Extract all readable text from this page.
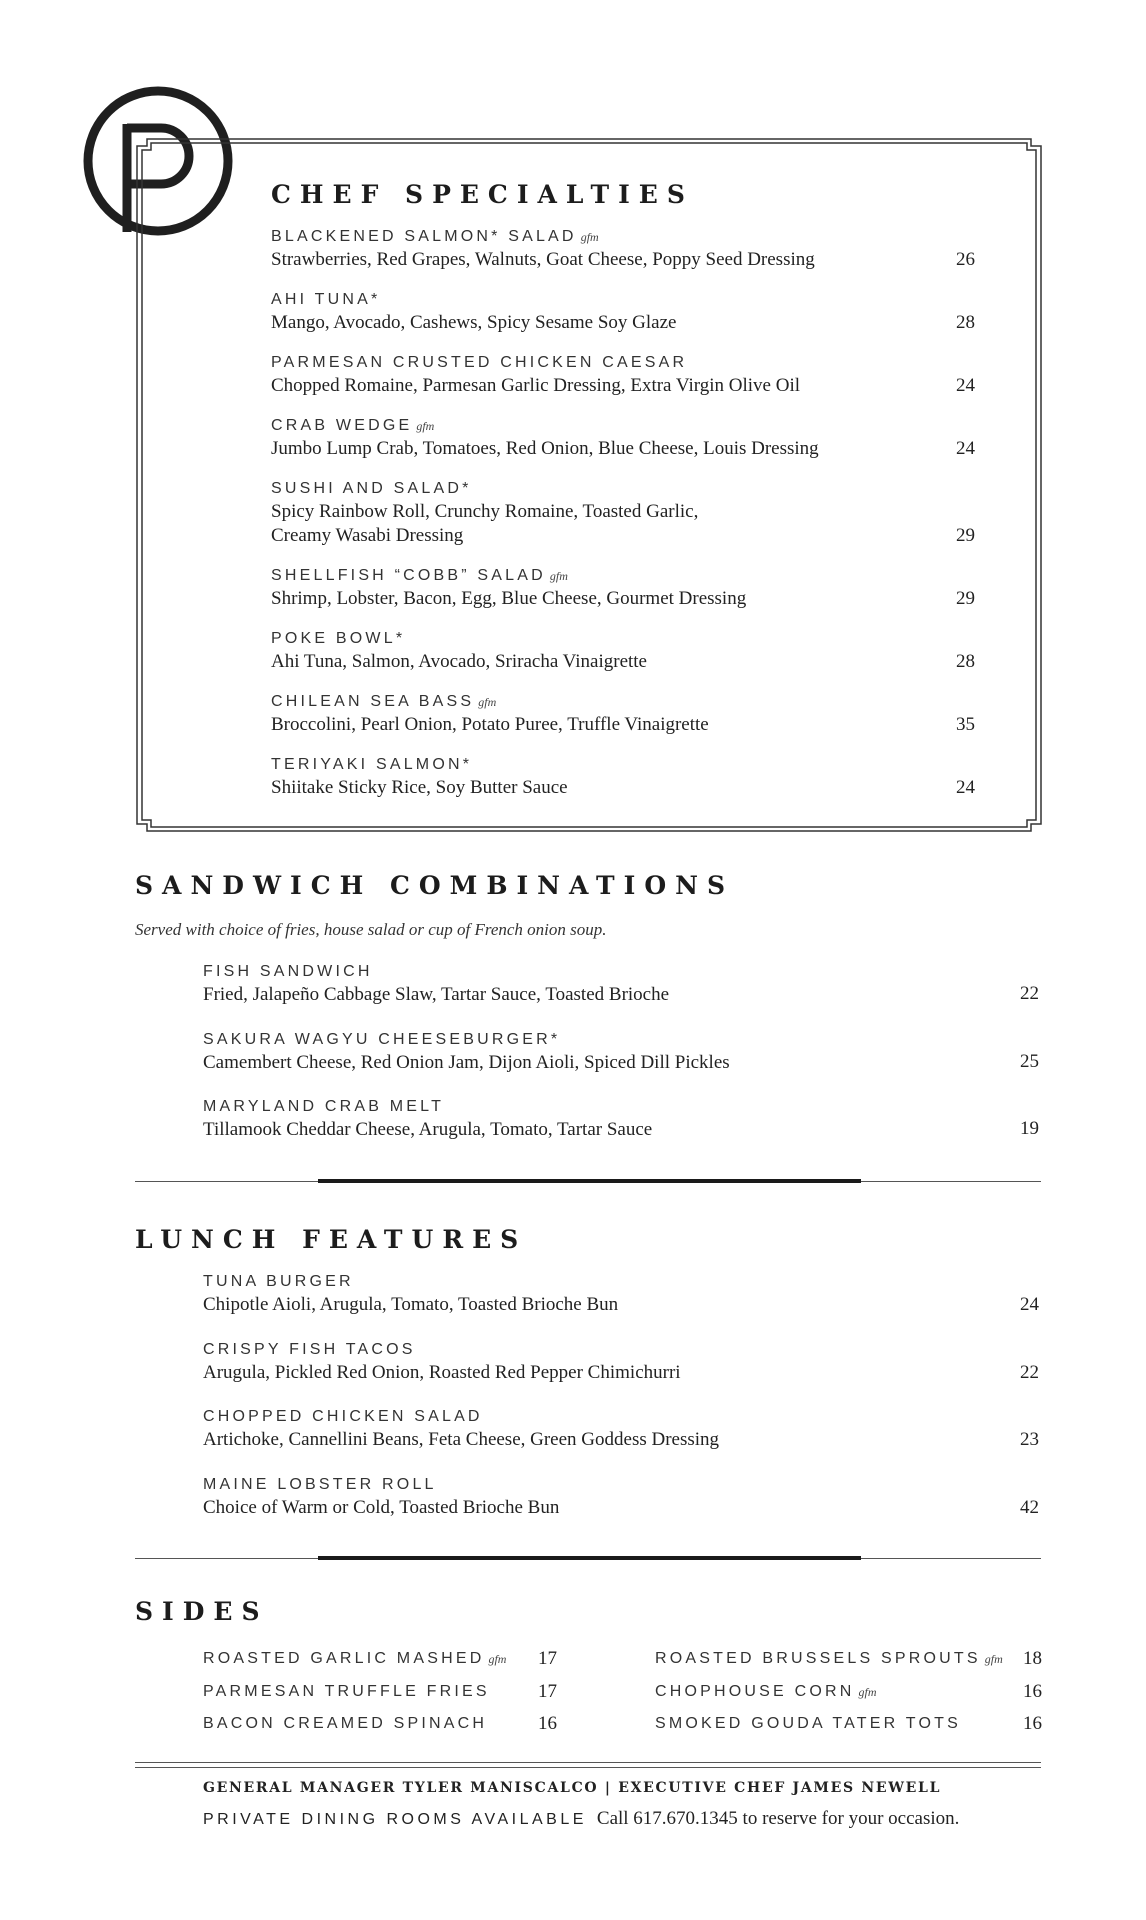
CHEF SPECIALTIES
BLACKENED SALMON* SALAD gfm
Strawberries, Red Grapes, Walnuts, Goat Cheese, Poppy Seed Dressing	26
AHI TUNA*
Mango, Avocado, Cashews, Spicy Sesame Soy Glaze	28
PARMESAN CRUSTED CHICKEN CAESAR
Chopped Romaine, Parmesan Garlic Dressing, Extra Virgin Olive Oil	24
CRAB WEDGE gfm
Jumbo Lump Crab, Tomatoes, Red Onion, Blue Cheese, Louis Dressing	24
SUSHI AND SALAD*
Spicy Rainbow Roll, Crunchy Romaine, Toasted Garlic,
Creamy Wasabi Dressing	29
SHELLFISH “COBB” SALAD gfm
Shrimp, Lobster, Bacon, Egg, Blue Cheese, Gourmet Dressing	29
POKE BOWL*
Ahi Tuna, Salmon, Avocado, Sriracha Vinaigrette	28
CHILEAN SEA BASS gfm
Broccolini, Pearl Onion, Potato Puree, Truffle Vinaigrette	35
TERIYAKI SALMON*
Shiitake Sticky Rice, Soy Butter Sauce	24
SANDWICH COMBINATIONS

Served with choice of fries, house salad or cup of French onion soup.

FISH SANDWICH
Fried, Jalapeño Cabbage Slaw, Tartar Sauce, Toasted Brioche	22
SAKURA WAGYU CHEESEBURGER*
Camembert Cheese, Red Onion Jam, Dijon Aioli, Spiced Dill Pickles	25
MARYLAND CRAB MELT
Tillamook Cheddar Cheese, Arugula, Tomato, Tartar Sauce	19
LUNCH FEATURES
TUNA BURGER
Chipotle Aioli, Arugula, Tomato, Toasted Brioche Bun	24
CRISPY FISH TACOS
Arugula, Pickled Red Onion, Roasted Red Pepper Chimichurri	22
CHOPPED CHICKEN SALAD
Artichoke, Cannellini Beans, Feta Cheese, Green Goddess Dressing	23
MAINE LOBSTER ROLL
Choice of Warm or Cold, Toasted Brioche Bun	42
SIDES
ROASTED GARLIC MASHED gfm 17
PARMESAN TRUFFLE FRIES	17
BACON CREAMED SPINACH	16
ROASTED BRUSSELS SPROUTS gfm 18
CHOPHOUSE CORN gfm	16
SMOKED GOUDA TATER TOTS	16

GENERAL MANAGER TYLER MANISCALCO | EXECUTIVE CHEF JAMES NEWELL

PRIVATE DINING ROOMS AVAILABLE Call 617.670.1345 to reserve for your occasion.
